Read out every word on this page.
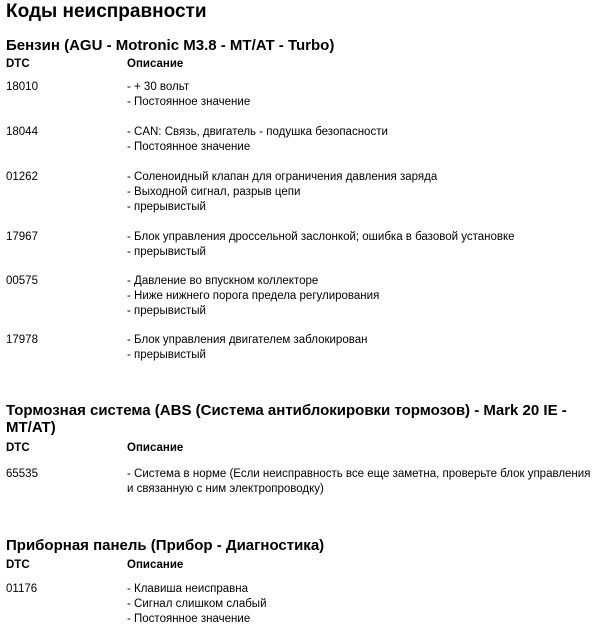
Коды неисправности
Бензин (AGU - Motronic M3.8 - MT/AT - Turbo)
DTC	Описание
18010	- + 30 вольт
- Постоянное значение
18044	- CAN: Связь, двигатель - подушка безопасности
- Постоянное значение
01262	- Соленоидный клапан для ограничения давления заряда
- Выходной сигнал, разрыв цепи
- прерывистый
17967	- Блок управления дроссельной заслонкой; ошибка в базовой установке
- прерывистый
00575	- Давление во впускном коллекторе
- Ниже нижнего порога предела регулирования
- прерывистый
17978	- Блок управления двигателем заблокирован
- прерывистый
Тормозная система (ABS (Система антиблокировки тормозов) - Mark 20 IE - MT/AT)
DTC	Описание
65535	- Система в норме (Если неисправность все еще заметна, проверьте блок управления и связанную с ним электропроводку)
Приборная панель (Прибор - Диагностика)
DTC	Описание
01176	- Клавиша неисправна
- Сигнал слишком слабый
- Постоянное значение
